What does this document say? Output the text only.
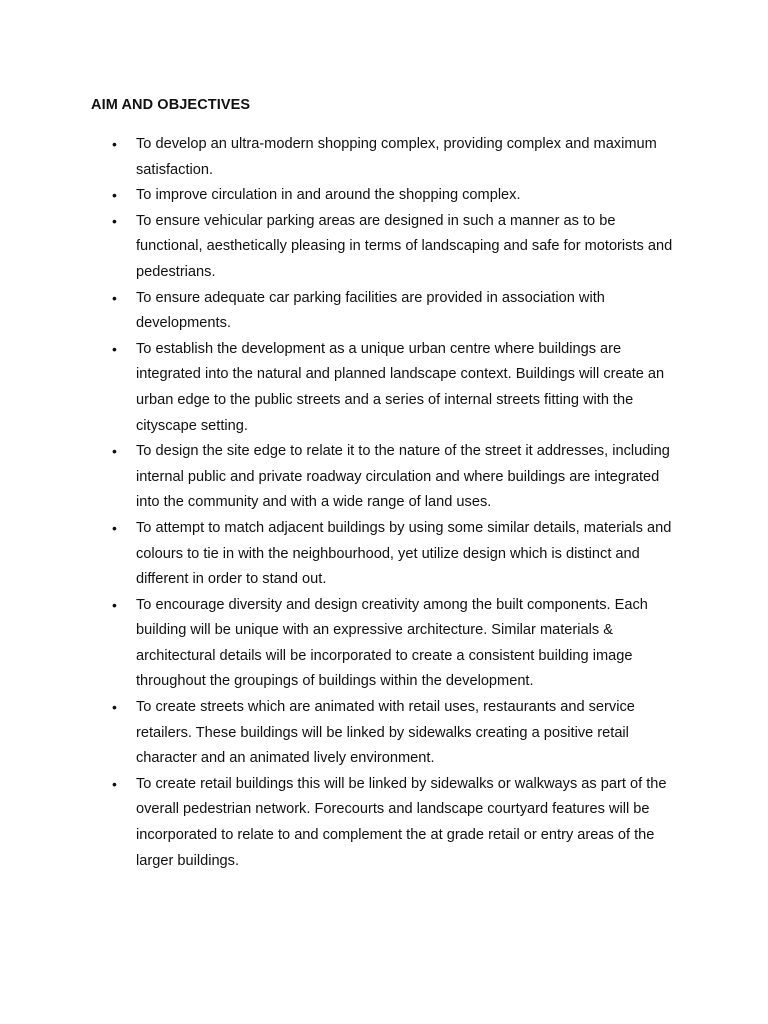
AIM AND OBJECTIVES
•	To develop an ultra-modern shopping complex, providing complex and maximum satisfaction.
•	To improve circulation in and around the shopping complex.
•	To ensure vehicular parking areas are designed in such a manner as to be functional, aesthetically pleasing in terms of landscaping and safe for motorists and pedestrians.
•	To ensure adequate car parking facilities are provided in association with developments.
•	To establish the development as a unique urban centre where buildings are integrated into the natural and planned landscape context. Buildings will create an urban edge to the public streets and a series of internal streets fitting with the cityscape setting.
•	To design the site edge to relate it to the nature of the street it addresses, including internal public and private roadway circulation and where buildings are integrated into the community and with a wide range of land uses.
•	To attempt to match adjacent buildings by using some similar details, materials and colours to tie in with the neighbourhood, yet utilize design which is distinct and different in order to stand out.
•	To encourage diversity and design creativity among the built components. Each building will be unique with an expressive architecture. Similar materials & architectural details will be incorporated to create a consistent building image throughout the groupings of buildings within the development.
•	To create streets which are animated with retail uses, restaurants and service retailers. These buildings will be linked by sidewalks creating a positive retail character and an animated lively environment.
•	To create retail buildings this will be linked by sidewalks or walkways as part of the overall pedestrian network. Forecourts and landscape courtyard features will be incorporated to relate to and complement the at grade retail or entry areas of the larger buildings.
